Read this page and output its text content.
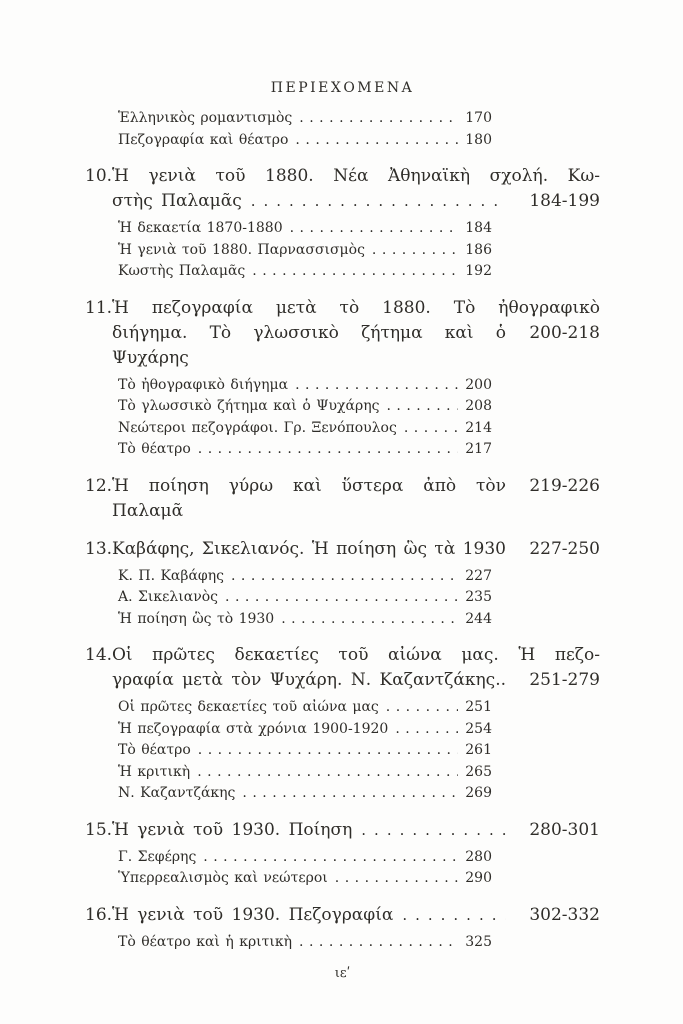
ΠΕΡΙΕΧΟΜΕΝΑ
Ἑλληνικὸς ρομαντισμὸς .....	170
Πεζογραφία καὶ θέατρο .....	180
10. Ἡ γενιὰ τοῦ 1880. Νέα Ἀθηναϊκὴ σχολή. Κω-
στὴς Παλαμᾶς .....	184-199
Ἡ δεκαετία 1870-1880 .....	184
Ἡ γενιὰ τοῦ 1880. Παρνασσισμὸς .....	186
Κωστὴς Παλαμᾶς .....	192
11. Ἡ πεζογραφία μετὰ τὸ 1880. Τὸ ἠθογραφικὸ
διήγημα. Τὸ γλωσσικὸ ζήτημα καὶ ὁ Ψυχάρης
200-218
Τὸ ἠθογραφικὸ διήγημα .....	200
Τὸ γλωσσικὸ ζήτημα καὶ ὁ Ψυχάρης .....	208
Νεώτεροι πεζογράφοι. Γρ. Ξενόπουλος .....	214
Τὸ θέατρο .....	217
12. Ἡ ποίηση γύρω καὶ ὕστερα ἀπὸ τὸν Παλαμᾶ
219-226
13. Καβάφης, Σικελιανός. Ἡ ποίηση ὣς τὰ 1930	227-250
Κ. Π. Καβάφης .....	227
Α. Σικελιανὸς .....	235
Ἡ ποίηση ὣς τὸ 1930 .....	244
14. Οἱ πρῶτες δεκαετίες τοῦ αἰώνα μας. Ἡ πεζο-
γραφία μετὰ τὸν Ψυχάρη. Ν. Καζαντζάκης..	251-279
Οἱ πρῶτες δεκαετίες τοῦ αἰώνα μας .....	251
Ἡ πεζογραφία στὰ χρόνια 1900-1920 .....	254
Τὸ θέατρο .....	261
Ἡ κριτικὴ .....	265
Ν. Καζαντζάκης .....	269
15. Ἡ γενιὰ τοῦ 1930. Ποίηση .....	280-301
Γ. Σεφέρης .....	280
Ὑπερρεαλισμὸς καὶ νεώτεροι .....	290
16. Ἡ γενιὰ τοῦ 1930. Πεζογραφία .....	302-332
Τὸ θέατρο καὶ ἡ κριτικὴ .....	325
ιεʹ
